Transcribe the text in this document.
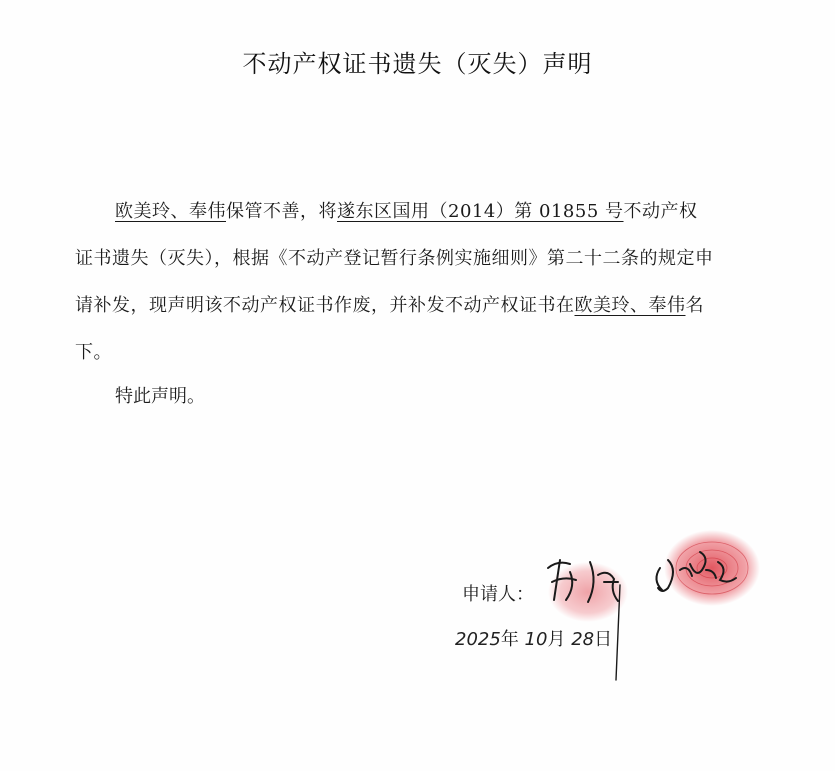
不动产权证书遗失（灭失）声明

欧美玲、奉伟保管不善，将遂东区国用（2014）第 01855 号不动产权证书遗失（灭失），根据《不动产登记暂行条例实施细则》第二十二条的规定申请补发，现声明该不动产权证书作废，并补发不动产权证书在欧美玲、奉伟名下。

特此声明。
申请人：
2025年 10月 28日
